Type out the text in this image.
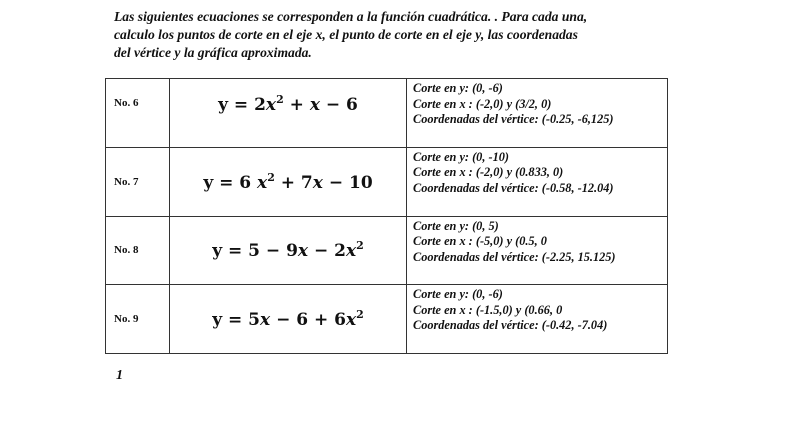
Las siguientes ecuaciones se corresponden a la función cuadrática. . Para cada una,
calculo los puntos de corte en el eje x, el punto de corte en el eje y, las coordenadas
del vértice y la gráfica aproximada.
No. 6	$y = 2x^2 + x - 6$	Corte en y: (0, -6)
Corte en x : (-2,0) y (3/2, 0)
Coordenadas del vértice: (-0.25, -6,125)

No. 7	y = 6 $x^2 + 7x - 10$	Corte en y: (0, -10)
Corte en x : (-2,0) y (0.833, 0)
Coordenadas del vértice: (-0.58, -12.04)

No. 8	$y = 5 - 9x - 2x^2$	Corte en y: (0, 5)
Corte en x : (-5,0) y (0.5, 0
Coordenadas del vértice: (-2.25, 15.125)

No. 9	$y = 5x - 6 + 6x^2$	Corte en y: (0, -6)
Corte en x : (-1.5,0) y (0.66, 0
Coordenadas del vértice: (-0.42, -7.04)
1
